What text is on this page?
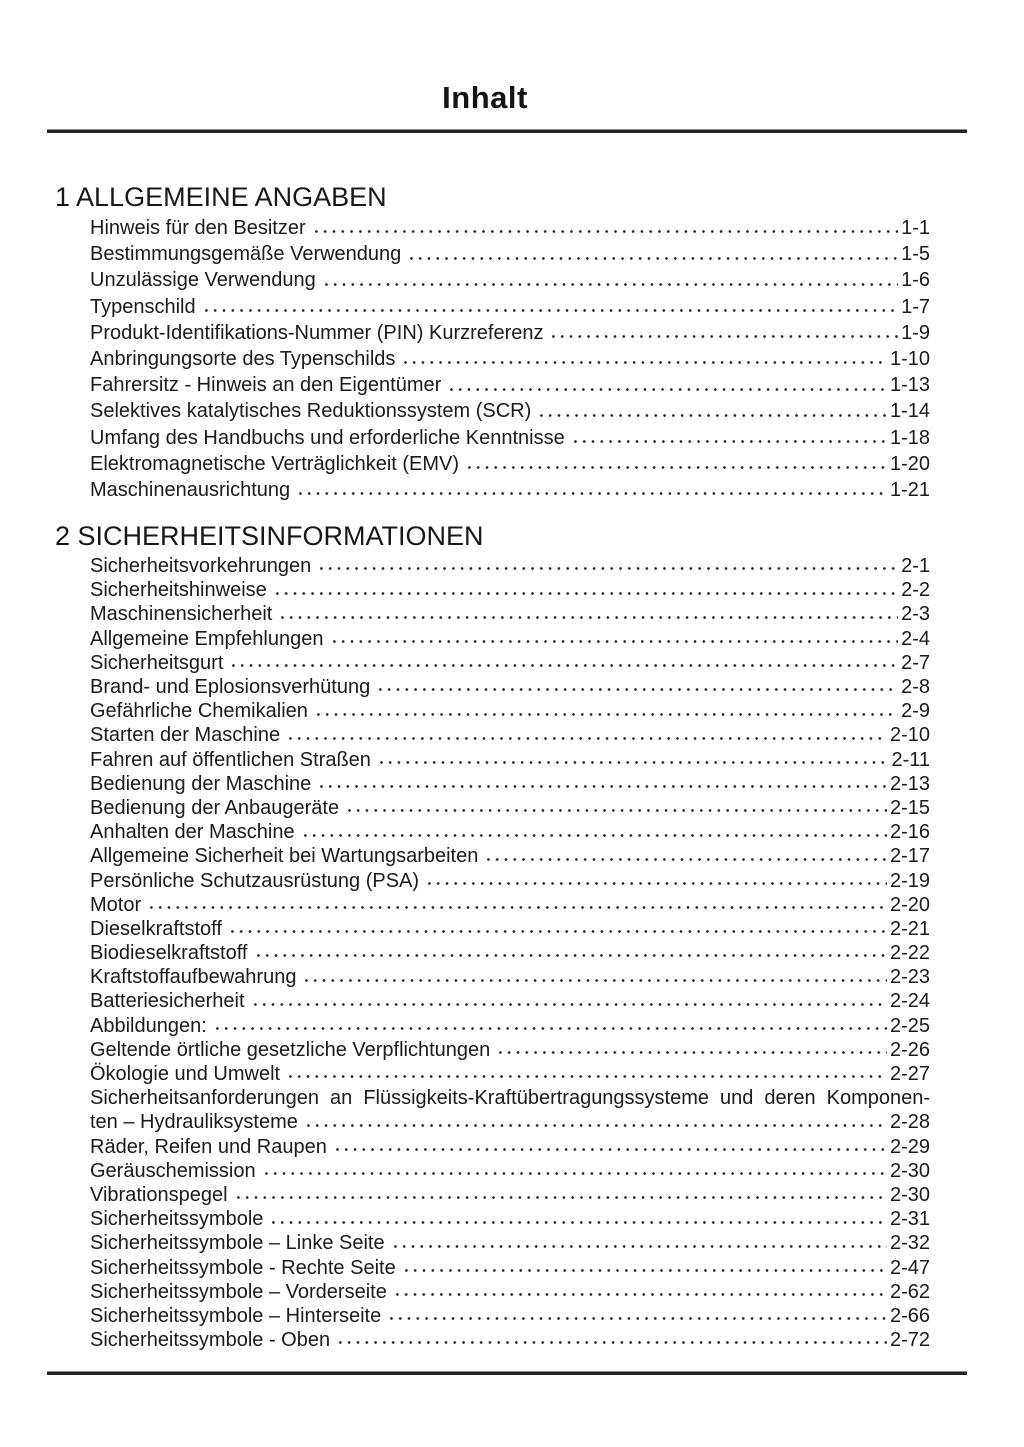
Inhalt
1 ALLGEMEINE ANGABEN
Hinweis für den Besitzer	1-1
Bestimmungsgemäße Verwendung	1-5
Unzulässige Verwendung	1-6
Typenschild	1-7
Produkt-Identifikations-Nummer (PIN) Kurzreferenz	1-9
Anbringungsorte des Typenschilds	1-10
Fahrersitz - Hinweis an den Eigentümer	1-13
Selektives katalytisches Reduktionssystem (SCR)	1-14
Umfang des Handbuchs und erforderliche Kenntnisse	1-18
Elektromagnetische Verträglichkeit (EMV)	1-20
Maschinenausrichtung	1-21
2 SICHERHEITSINFORMATIONEN
Sicherheitsvorkehrungen	2-1
Sicherheitshinweise	2-2
Maschinensicherheit	2-3
Allgemeine Empfehlungen	2-4
Sicherheitsgurt	2-7
Brand- und Eplosionsverhütung	2-8
Gefährliche Chemikalien	2-9
Starten der Maschine	2-10
Fahren auf öffentlichen Straßen	2-11
Bedienung der Maschine	2-13
Bedienung der Anbaugeräte	2-15
Anhalten der Maschine	2-16
Allgemeine Sicherheit bei Wartungsarbeiten	2-17
Persönliche Schutzausrüstung (PSA)	2-19
Motor	2-20
Dieselkraftstoff	2-21
Biodieselkraftstoff	2-22
Kraftstoffaufbewahrung	2-23
Batteriesicherheit	2-24
Abbildungen:	2-25
Geltende örtliche gesetzliche Verpflichtungen	2-26
Ökologie und Umwelt	2-27
Sicherheitsanforderungen an Flüssigkeits-Kraftübertragungssysteme und deren Komponen-
ten – Hydrauliksysteme	2-28
Räder, Reifen und Raupen	2-29
Geräuschemission	2-30
Vibrationspegel	2-30
Sicherheitssymbole	2-31
Sicherheitssymbole – Linke Seite	2-32
Sicherheitssymbole - Rechte Seite	2-47
Sicherheitssymbole – Vorderseite	2-62
Sicherheitssymbole – Hinterseite	2-66
Sicherheitssymbole - Oben	2-72
